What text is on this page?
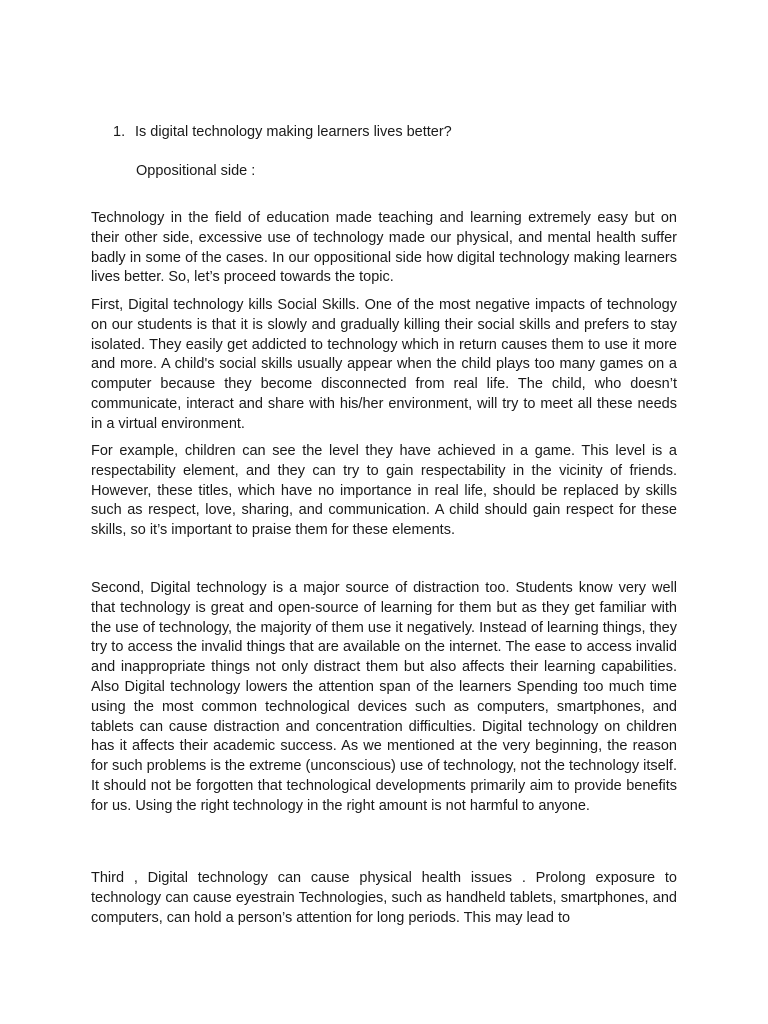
1. Is digital technology making learners lives better?
Oppositional side :

Technology in the field of education made teaching and learning extremely easy but on their other side, excessive use of technology made our physical, and mental health suffer badly in some of the cases. In our oppositional side how digital technology making learners lives better. So, let’s proceed towards the topic.

First, Digital technology kills Social Skills. One of the most negative impacts of technology on our students is that it is slowly and gradually killing their social skills and prefers to stay isolated. They easily get addicted to technology which in return causes them to use it more and more. A child's social skills usually appear when the child plays too many games on a computer because they become disconnected from real life. The child, who doesn’t communicate, interact and share with his/her environment, will try to meet all these needs in a virtual environment.

For example, children can see the level they have achieved in a game. This level is a respectability element, and they can try to gain respectability in the vicinity of friends. However, these titles, which have no importance in real life, should be replaced by skills such as respect, love, sharing, and communication. A child should gain respect for these skills, so it’s important to praise them for these elements.

Second, Digital technology is a major source of distraction too. Students know very well that technology is great and open-source of learning for them but as they get familiar with the use of technology, the majority of them use it negatively. Instead of learning things, they try to access the invalid things that are available on the internet. The ease to access invalid and inappropriate things not only distract them but also affects their learning capabilities. Also Digital technology lowers the attention span of the learners Spending too much time using the most common technological devices such as computers, smartphones, and tablets can cause distraction and concentration difficulties. Digital technology on children has it affects their academic success. As we mentioned at the very beginning, the reason for such problems is the extreme (unconscious) use of technology, not the technology itself. It should not be forgotten that technological developments primarily aim to provide benefits for us. Using the right technology in the right amount is not harmful to anyone.

Third , Digital technology can cause physical health issues . Prolong exposure to technology can cause eyestrain Technologies, such as handheld tablets, smartphones, and computers, can hold a person’s attention for long periods. This may lead to
